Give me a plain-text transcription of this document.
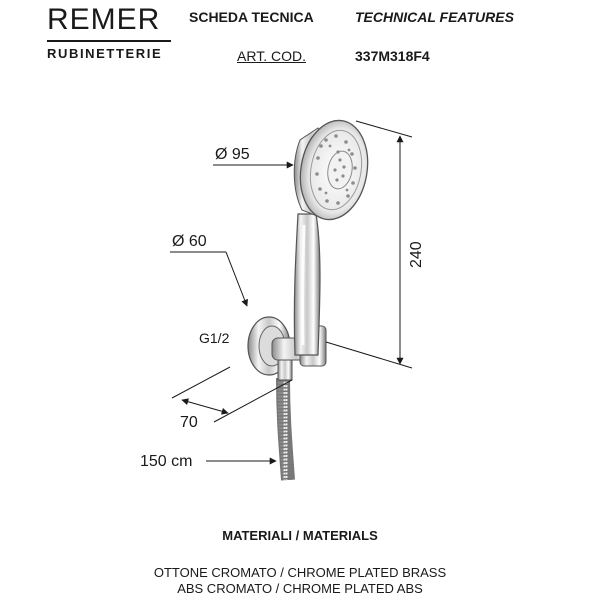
REMER
RUBINETTERIE
SCHEDA TECNICA	TECHNICAL FEATURES
ART. COD.	337M318F4
Ø 95
240
Ø 60
G1/2
70
150 cm
MATERIALI / MATERIALS
OTTONE CROMATO / CHROME PLATED BRASS
ABS CROMATO / CHROME PLATED ABS
